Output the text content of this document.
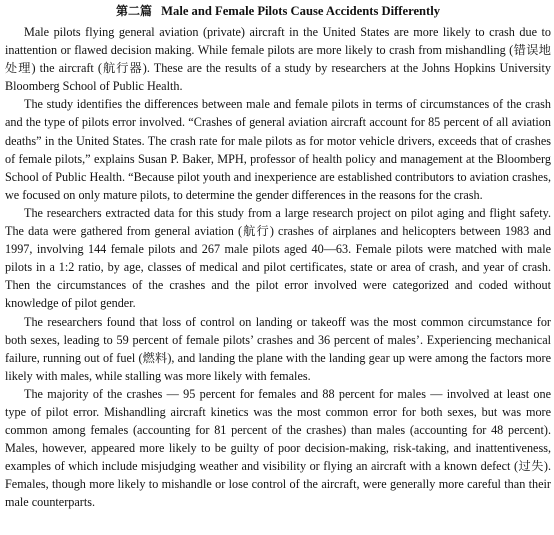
第二篇 Male and Female Pilots Cause Accidents Differently

Male pilots flying general aviation (private) aircraft in the United States are more likely to crash due to inattention or flawed decision making. While female pilots are more likely to crash from mishandling (错误地处理) the aircraft (航行器). These are the results of a study by researchers at the Johns Hopkins University Bloomberg School of Public Health.

The study identifies the differences between male and female pilots in terms of circumstances of the crash and the type of pilots error involved. “Crashes of general aviation aircraft account for 85 percent of all aviation deaths” in the United States. The crash rate for male pilots as for motor vehicle drivers, exceeds that of crashes of female pilots,” explains Susan P. Baker, MPH, professor of health policy and management at the Bloomberg School of Public Health. “Because pilot youth and inexperience are established contributors to aviation crashes, we focused on only mature pilots, to determine the gender differences in the reasons for the crash.

The researchers extracted data for this study from a large research project on pilot aging and flight safety. The data were gathered from general aviation (航行) crashes of airplanes and helicopters between 1983 and 1997, involving 144 female pilots and 267 male pilots aged 40—63. Female pilots were matched with male pilots in a 1:2 ratio, by age, classes of medical and pilot certificates, state or area of crash, and year of crash. Then the circumstances of the crashes and the pilot error involved were categorized and coded without knowledge of pilot gender.

The researchers found that loss of control on landing or takeoff was the most common circumstance for both sexes, leading to 59 percent of female pilots’ crashes and 36 percent of males’. Experiencing mechanical failure, running out of fuel (燃料), and landing the plane with the landing gear up were among the factors more likely with males, while stalling was more likely with females.

The majority of the crashes — 95 percent for females and 88 percent for males — involved at least one type of pilot error. Mishandling aircraft kinetics was the most common error for both sexes, but was more common among females (accounting for 81 percent of the crashes) than males (accounting for 48 percent). Males, however, appeared more likely to be guilty of poor decision-making, risk-taking, and inattentiveness, examples of which include misjudging weather and visibility or flying an aircraft with a known defect (过失). Females, though more likely to mishandle or lose control of the aircraft, were generally more careful than their male counterparts.
